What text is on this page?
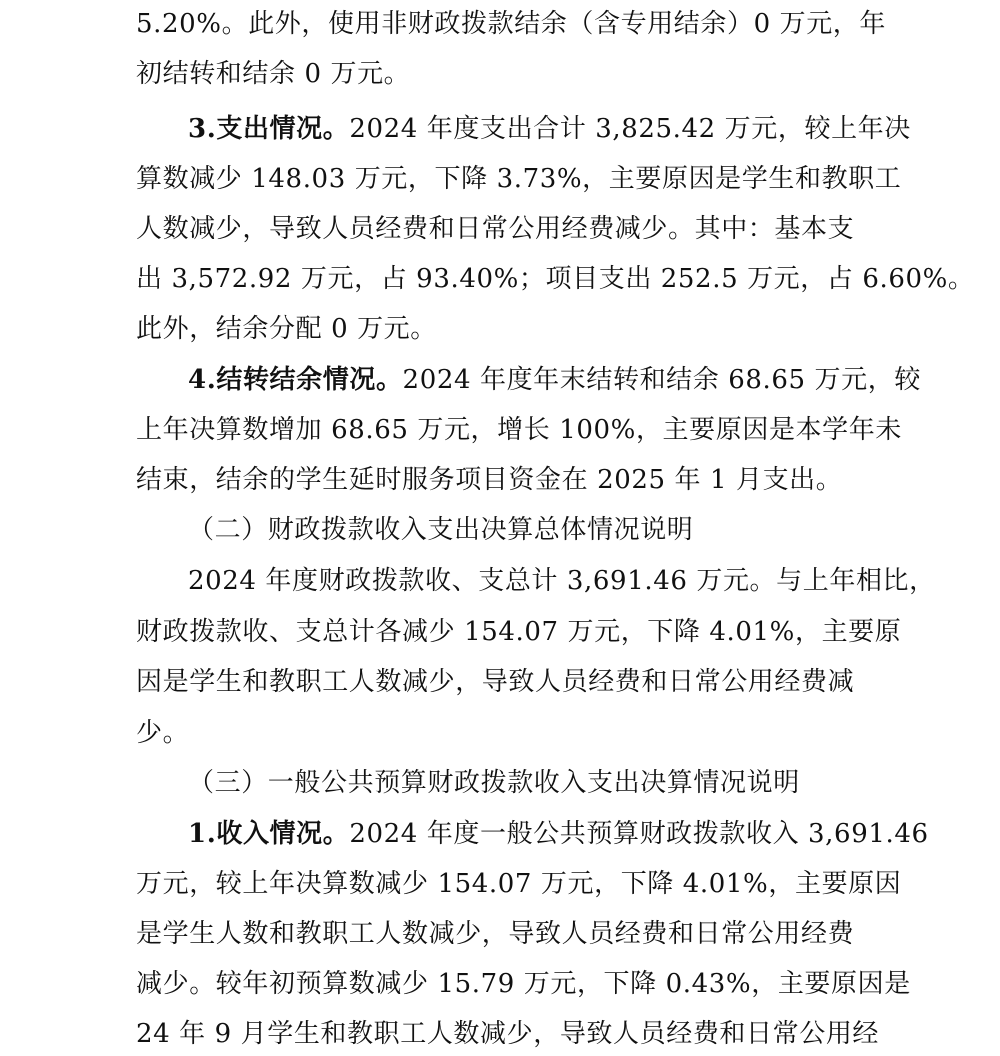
5.20%。此外，使用非财政拨款结余（含专用结余）0 万元，年
初结转和结余 0 万元。
3.支出情况。2024 年度支出合计 3,825.42 万元，较上年决
算数减少 148.03 万元，下降 3.73%，主要原因是学生和教职工
人数减少，导致人员经费和日常公用经费减少。其中：基本支
出 3,572.92 万元，占 93.40%；项目支出 252.5 万元，占 6.60%。
此外，结余分配 0 万元。
4.结转结余情况。2024 年度年末结转和结余 68.65 万元，较
上年决算数增加 68.65 万元，增长 100%，主要原因是本学年未
结束，结余的学生延时服务项目资金在 2025 年 1 月支出。
（二）财政拨款收入支出决算总体情况说明
2024 年度财政拨款收、支总计 3,691.46 万元。与上年相比，
财政拨款收、支总计各减少 154.07 万元，下降 4.01%，主要原
因是学生和教职工人数减少，导致人员经费和日常公用经费减
少。
（三）一般公共预算财政拨款收入支出决算情况说明
1.收入情况。2024 年度一般公共预算财政拨款收入 3,691.46
万元，较上年决算数减少 154.07 万元，下降 4.01%，主要原因
是学生人数和教职工人数减少，导致人员经费和日常公用经费
减少。较年初预算数减少 15.79 万元，下降 0.43%，主要原因是
24 年 9 月学生和教职工人数减少，导致人员经费和日常公用经
